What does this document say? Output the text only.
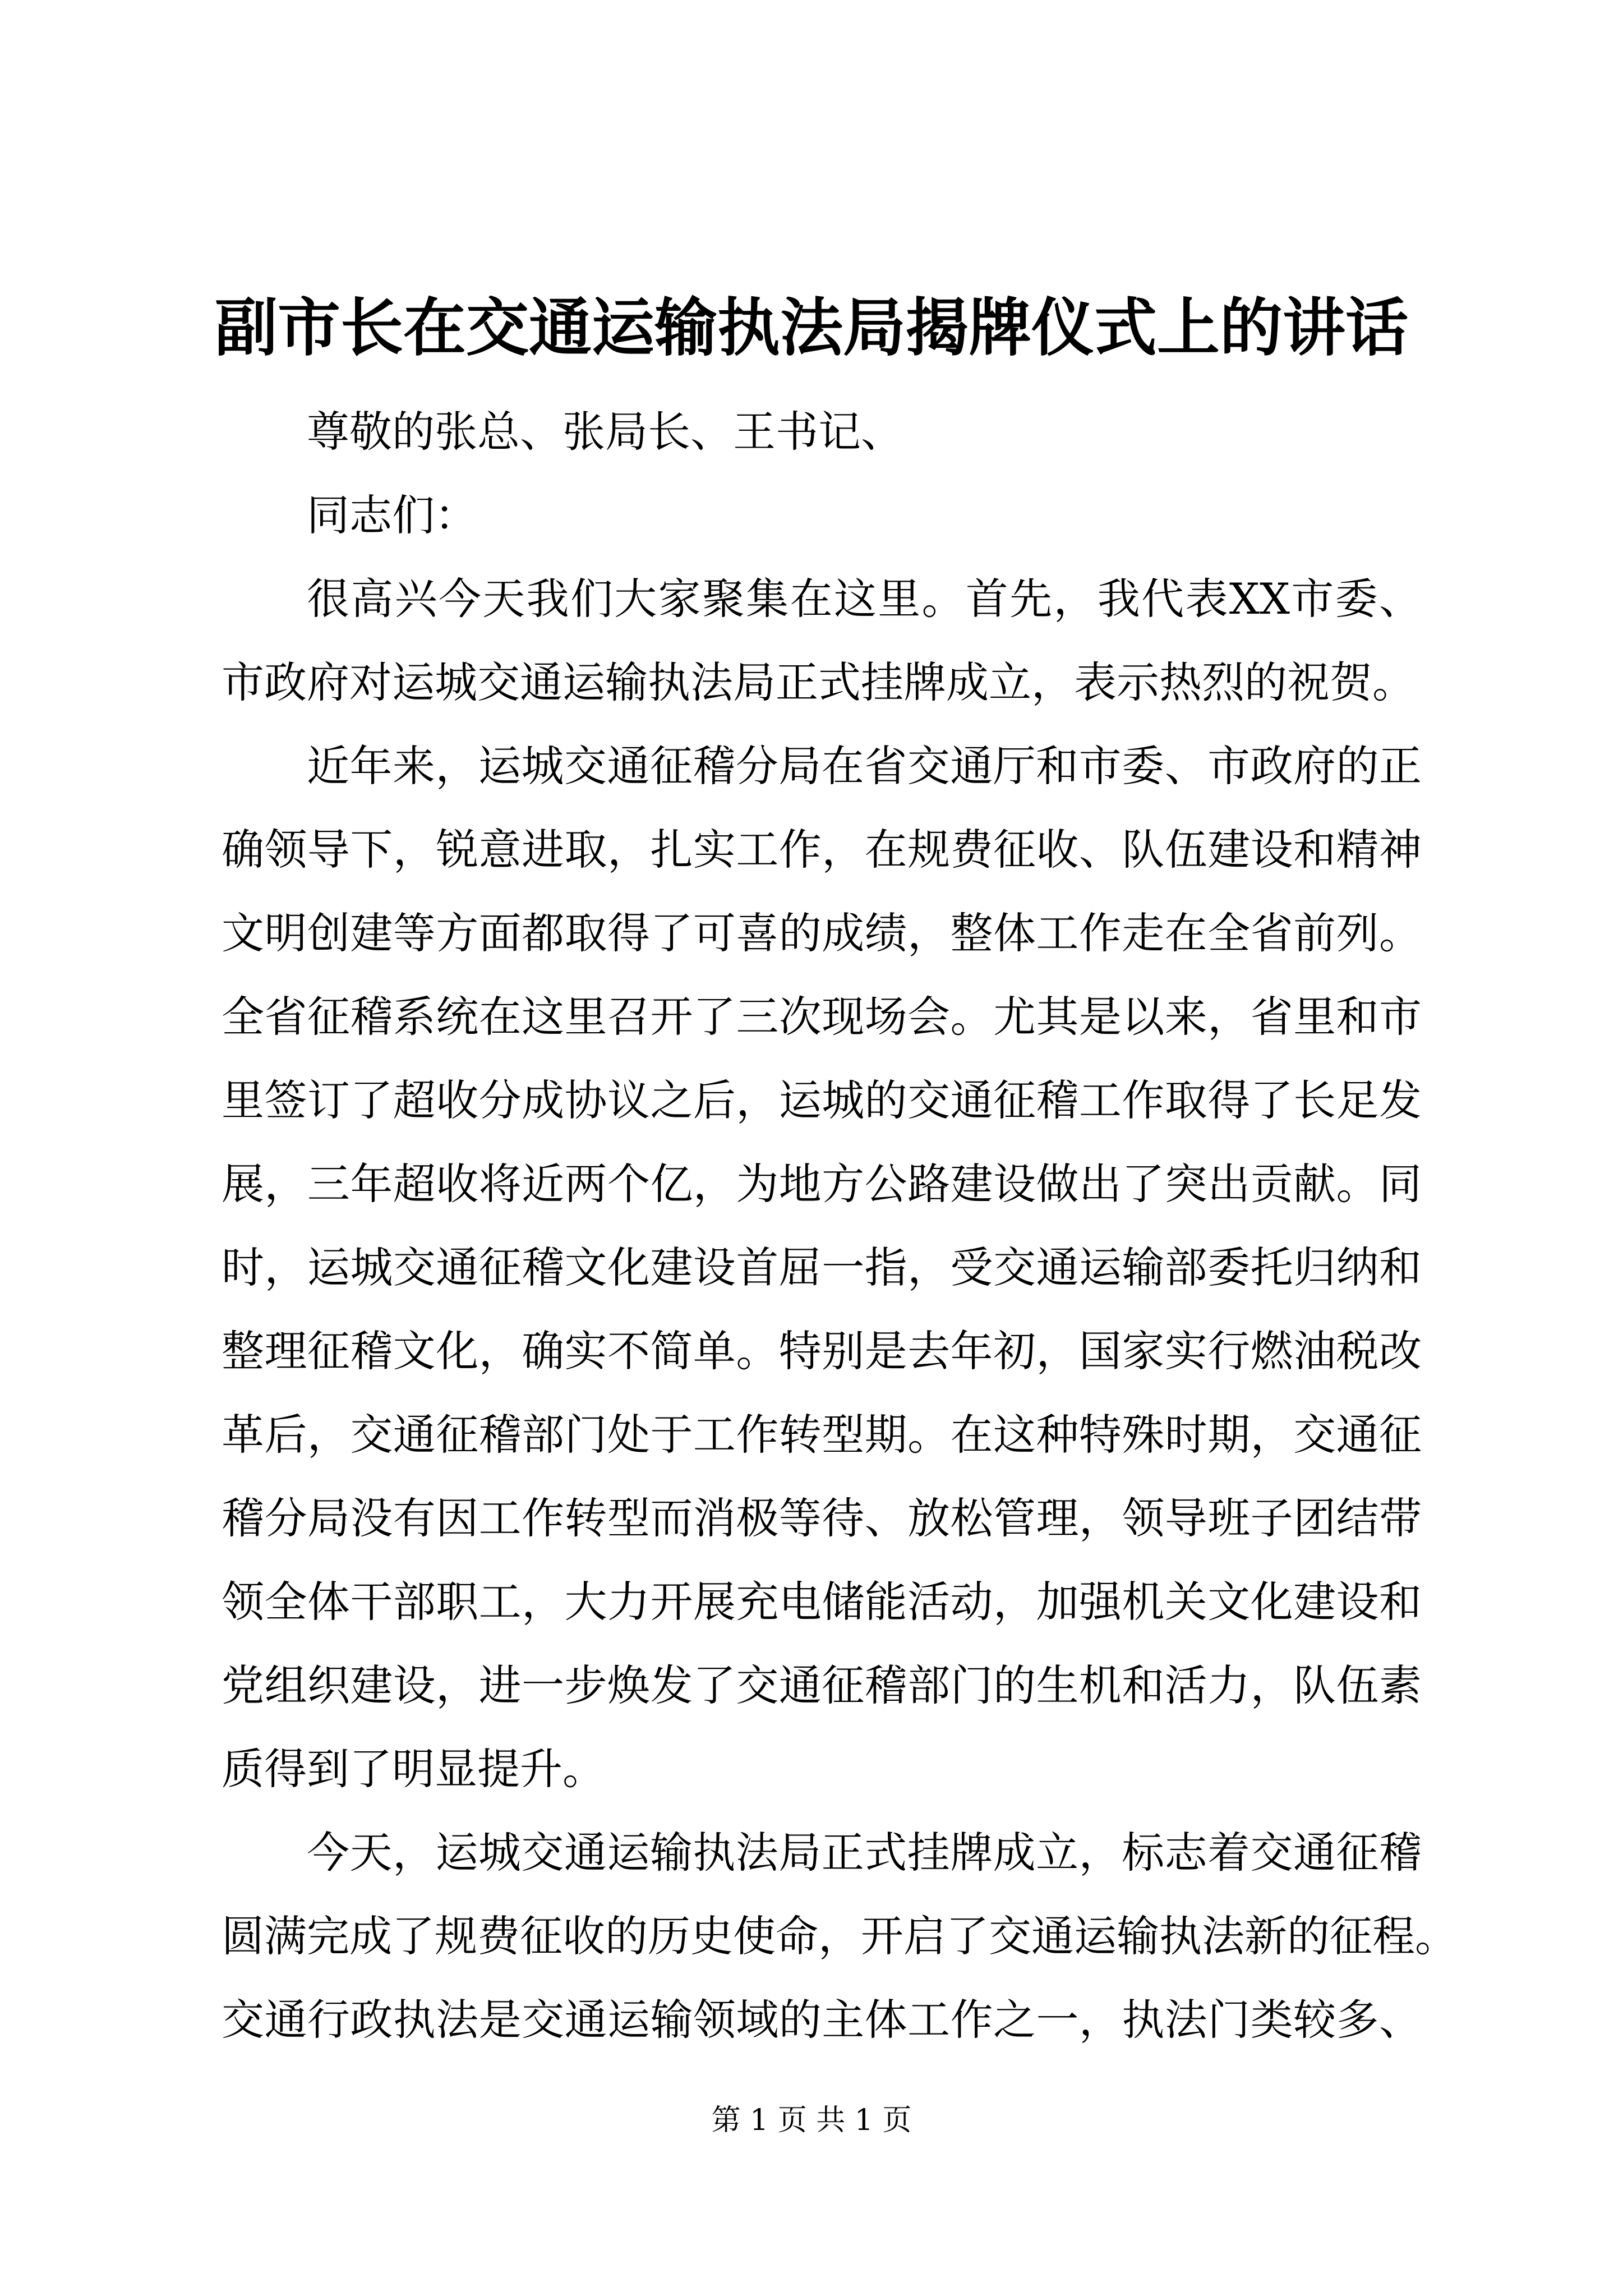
副市长在交通运输执法局揭牌仪式上的讲话
尊敬的张总、张局长、王书记、
同志们：
很高兴今天我们大家聚集在这里。首先，我代表XX市委、
市政府对运城交通运输执法局正式挂牌成立，表示热烈的祝贺。
近年来，运城交通征稽分局在省交通厅和市委、市政府的正
确领导下，锐意进取，扎实工作，在规费征收、队伍建设和精神
文明创建等方面都取得了可喜的成绩，整体工作走在全省前列。
全省征稽系统在这里召开了三次现场会。尤其是以来，省里和市
里签订了超收分成协议之后，运城的交通征稽工作取得了长足发
展，三年超收将近两个亿，为地方公路建设做出了突出贡献。同
时，运城交通征稽文化建设首屈一指，受交通运输部委托归纳和
整理征稽文化，确实不简单。特别是去年初，国家实行燃油税改
革后，交通征稽部门处于工作转型期。在这种特殊时期，交通征
稽分局没有因工作转型而消极等待、放松管理，领导班子团结带
领全体干部职工，大力开展充电储能活动，加强机关文化建设和
党组织建设，进一步焕发了交通征稽部门的生机和活力，队伍素
质得到了明显提升。
今天，运城交通运输执法局正式挂牌成立，标志着交通征稽
圆满完成了规费征收的历史使命，开启了交通运输执法新的征程。
交通行政执法是交通运输领域的主体工作之一，执法门类较多、
第 1 页 共 1 页
